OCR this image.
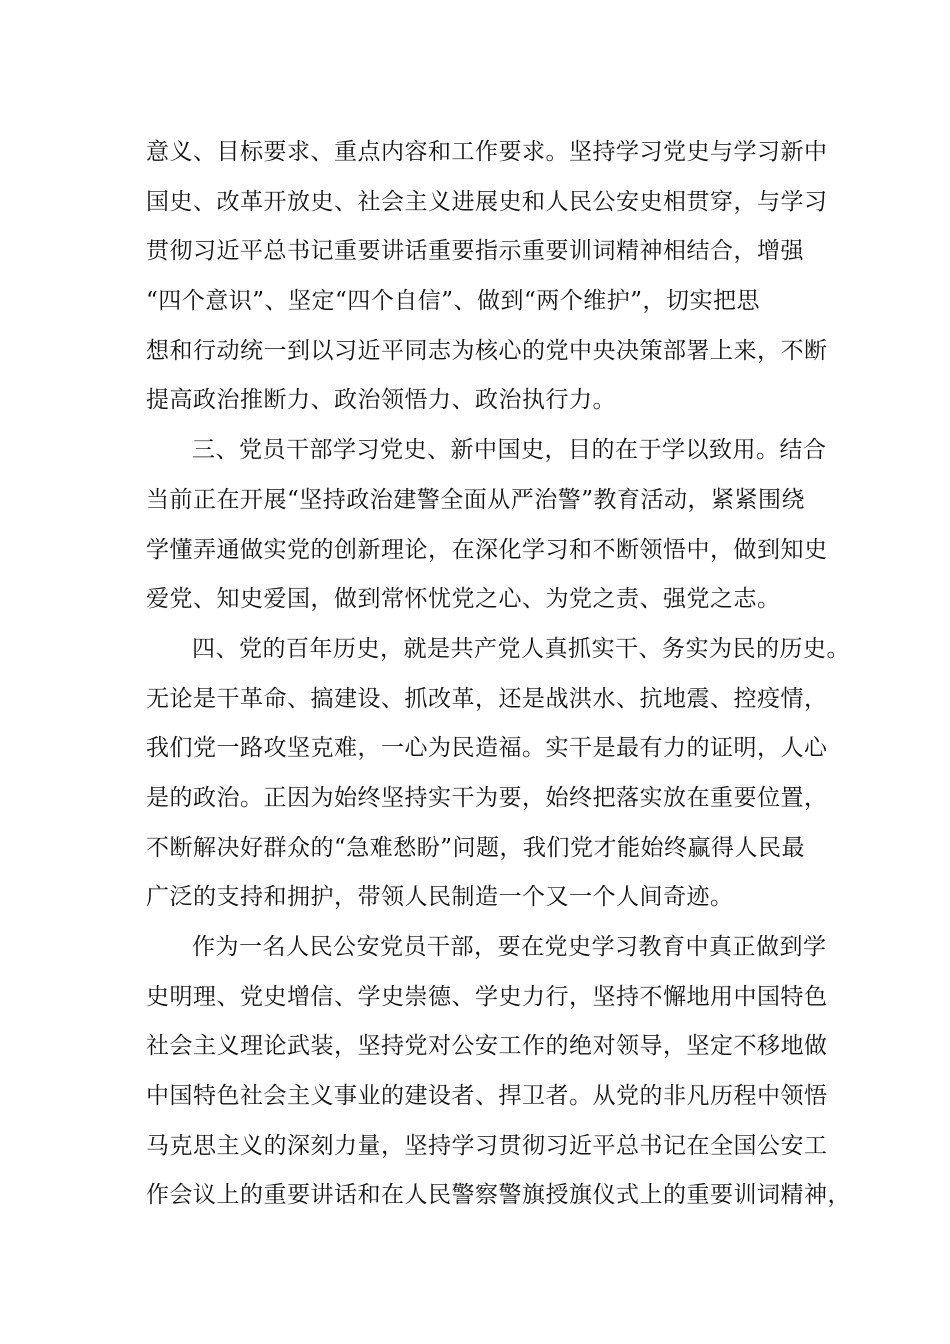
意义、目标要求、重点内容和工作要求。坚持学习党史与学习新中
国史、改革开放史、社会主义进展史和人民公安史相贯穿，与学习
贯彻习近平总书记重要讲话重要指示重要训词精神相结合，增强
“四个意识”、坚定“四个自信”、做到“两个维护”，切实把思
想和行动统一到以习近平同志为核心的党中央决策部署上来，不断
提高政治推断力、政治领悟力、政治执行力。
三、党员干部学习党史、新中国史，目的在于学以致用。结合
当前正在开展“坚持政治建警全面从严治警”教育活动，紧紧围绕
学懂弄通做实党的创新理论，在深化学习和不断领悟中，做到知史
爱党、知史爱国，做到常怀忧党之心、为党之责、强党之志。
四、党的百年历史，就是共产党人真抓实干、务实为民的历史。
无论是干革命、搞建设、抓改革，还是战洪水、抗地震、控疫情，
我们党一路攻坚克难，一心为民造福。实干是最有力的证明，人心
是的政治。正因为始终坚持实干为要，始终把落实放在重要位置，
不断解决好群众的“急难愁盼”问题，我们党才能始终赢得人民最
广泛的支持和拥护，带领人民制造一个又一个人间奇迹。
作为一名人民公安党员干部，要在党史学习教育中真正做到学
史明理、党史增信、学史崇德、学史力行，坚持不懈地用中国特色
社会主义理论武装，坚持党对公安工作的绝对领导，坚定不移地做
中国特色社会主义事业的建设者、捍卫者。从党的非凡历程中领悟
马克思主义的深刻力量，坚持学习贯彻习近平总书记在全国公安工
作会议上的重要讲话和在人民警察警旗授旗仪式上的重要训词精神，
